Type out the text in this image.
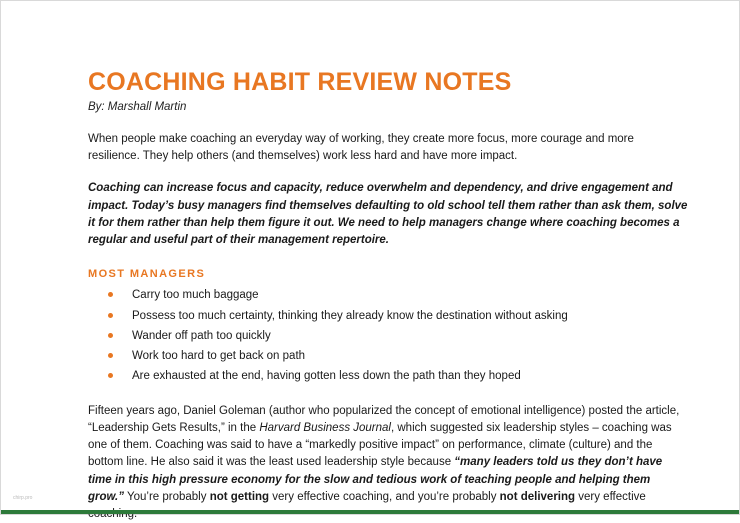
COACHING HABIT REVIEW NOTES
By: Marshall Martin

When people make coaching an everyday way of working, they create more focus, more courage and more resilience. They help others (and themselves) work less hard and have more impact.

Coaching can increase focus and capacity, reduce overwhelm and dependency, and drive engagement and impact. Today’s busy managers find themselves defaulting to old school tell them rather than ask them, solve it for them rather than help them figure it out. We need to help managers change where coaching becomes a regular and useful part of their management repertoire.

MOST MANAGERS
Carry too much baggage
Possess too much certainty, thinking they already know the destination without asking
Wander off path too quickly
Work too hard to get back on path
Are exhausted at the end, having gotten less down the path than they hoped

Fifteen years ago, Daniel Goleman (author who popularized the concept of emotional intelligence) posted the article, “Leadership Gets Results,” in the Harvard Business Journal, which suggested six leadership styles – coaching was one of them. Coaching was said to have a “markedly positive impact” on performance, climate (culture) and the bottom line. He also said it was the least used leadership style because “many leaders told us they don’t have time in this high pressure economy for the slow and tedious work of teaching people and helping them grow.” You’re probably not getting very effective coaching, and you’re probably not delivering very effective

chirp.pro
